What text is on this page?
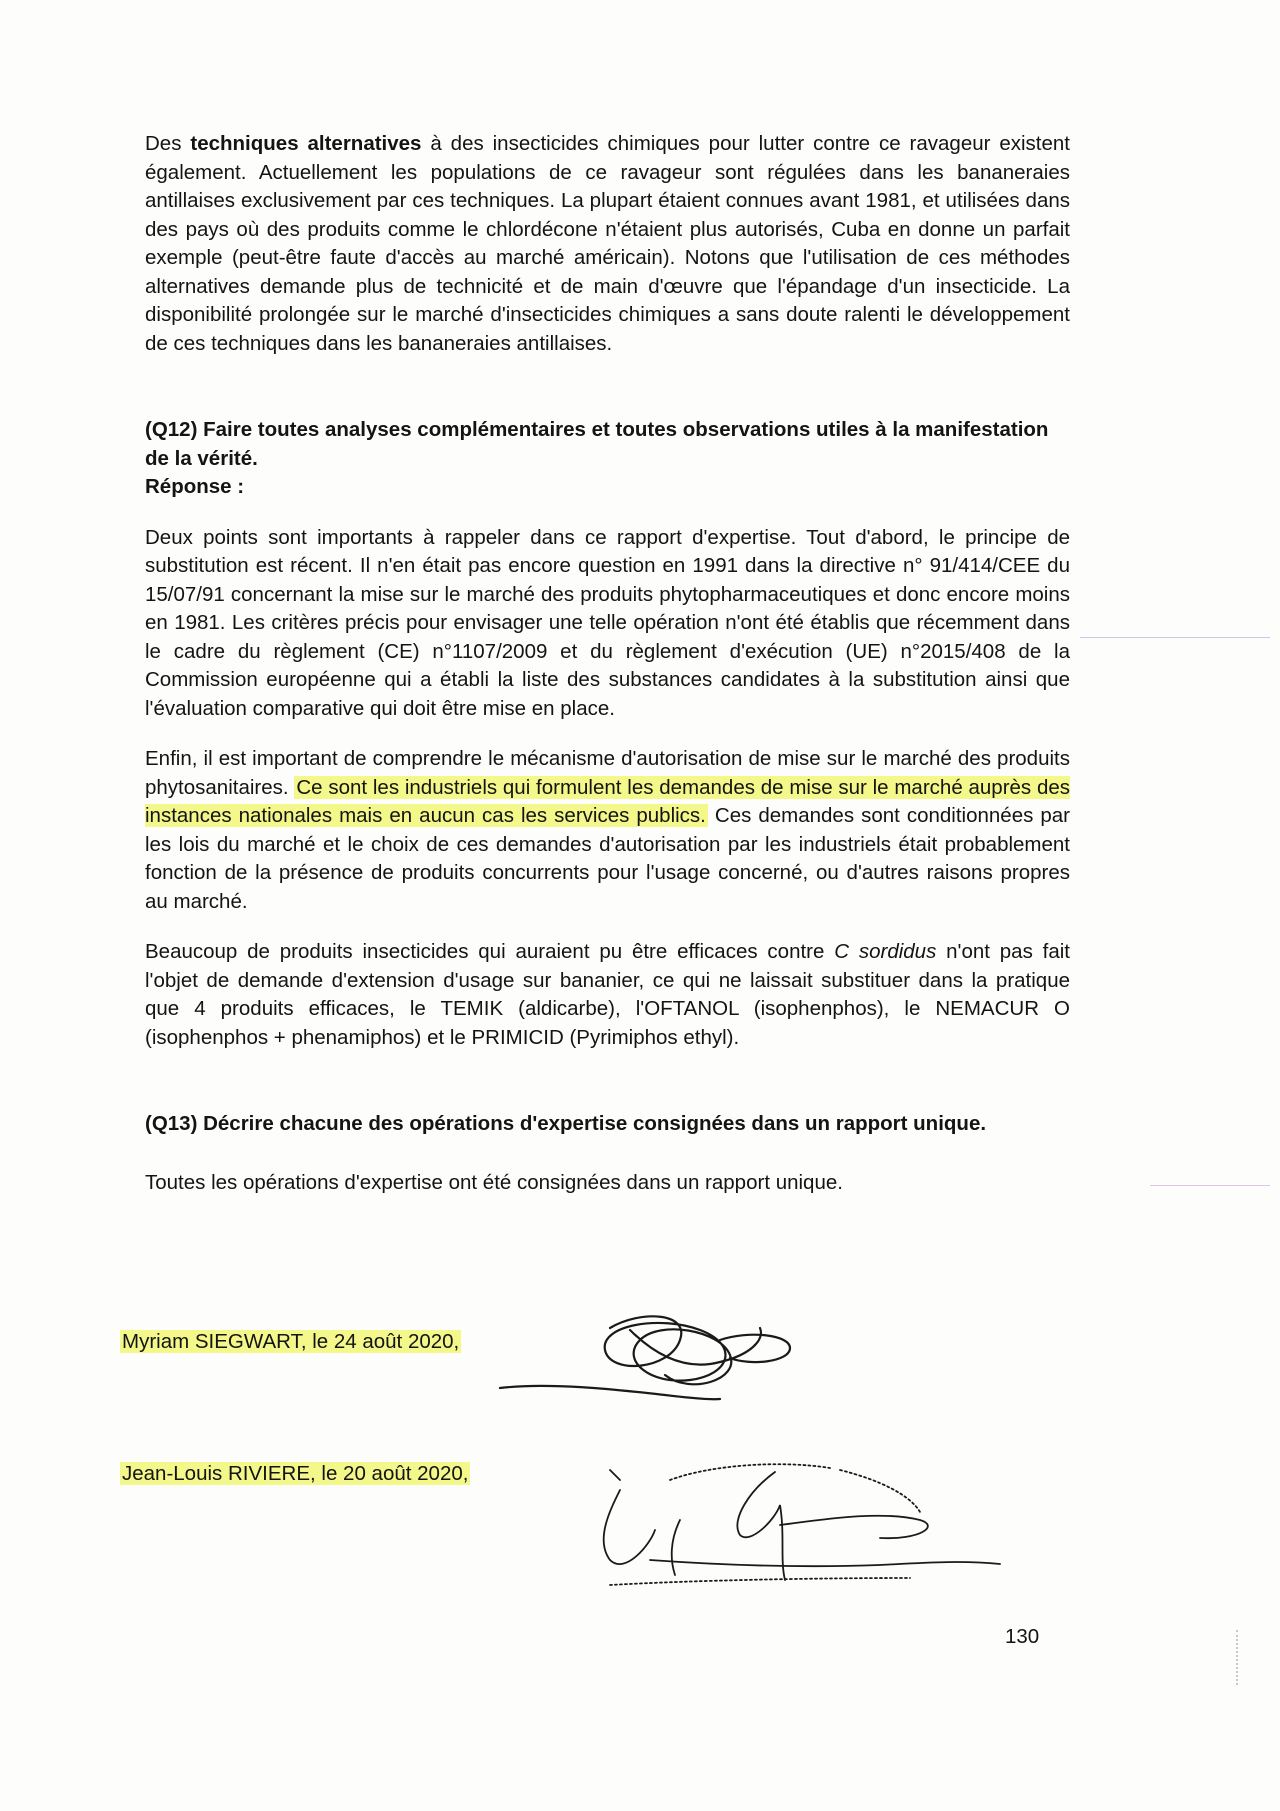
Des techniques alternatives à des insecticides chimiques pour lutter contre ce ravageur existent également. Actuellement les populations de ce ravageur sont régulées dans les bananeraies antillaises exclusivement par ces techniques. La plupart étaient connues avant 1981, et utilisées dans des pays où des produits comme le chlordécone n'étaient plus autorisés, Cuba en donne un parfait exemple (peut-être faute d'accès au marché américain). Notons que l'utilisation de ces méthodes alternatives demande plus de technicité et de main d'œuvre que l'épandage d'un insecticide. La disponibilité prolongée sur le marché d'insecticides chimiques a sans doute ralenti le développement de ces techniques dans les bananeraies antillaises.

(Q12) Faire toutes analyses complémentaires et toutes observations utiles à la manifestation de la vérité.

Réponse :

Deux points sont importants à rappeler dans ce rapport d'expertise. Tout d'abord, le principe de substitution est récent. Il n'en était pas encore question en 1991 dans la directive n° 91/414/CEE du 15/07/91 concernant la mise sur le marché des produits phytopharmaceutiques et donc encore moins en 1981. Les critères précis pour envisager une telle opération n'ont été établis que récemment dans le cadre du règlement (CE) n°1107/2009 et du règlement d'exécution (UE) n°2015/408 de la Commission européenne qui a établi la liste des substances candidates à la substitution ainsi que l'évaluation comparative qui doit être mise en place.

Enfin, il est important de comprendre le mécanisme d'autorisation de mise sur le marché des produits phytosanitaires. Ce sont les industriels qui formulent les demandes de mise sur le marché auprès des instances nationales mais en aucun cas les services publics. Ces demandes sont conditionnées par les lois du marché et le choix de ces demandes d'autorisation par les industriels était probablement fonction de la présence de produits concurrents pour l'usage concerné, ou d'autres raisons propres au marché.

Beaucoup de produits insecticides qui auraient pu être efficaces contre C sordidus n'ont pas fait l'objet de demande d'extension d'usage sur bananier, ce qui ne laissait substituer dans la pratique que 4 produits efficaces, le TEMIK (aldicarbe), l'OFTANOL (isophenphos), le NEMACUR O (isophenphos + phenamiphos) et le PRIMICID (Pyrimiphos ethyl).

(Q13) Décrire chacune des opérations d'expertise consignées dans un rapport unique.

Toutes les opérations d'expertise ont été consignées dans un rapport unique.

Myriam SIEGWART, le 24 août 2020,
Jean-Louis RIVIERE, le 20 août 2020,
130
